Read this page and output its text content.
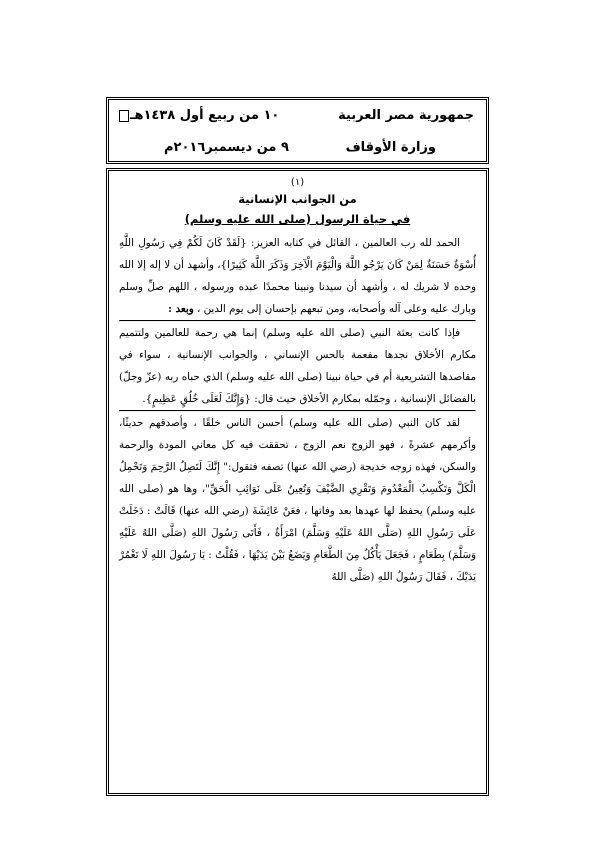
جمهورية مصر العربية
١٠ من ربيع أول ١٤٣٨هـ
وزارة الأوقاف
٩ من ديسمبر٢٠١٦م

(١)

من الجوانب الإنسانية

في حياة الرسول (صلى الله عليه وسلم)

الحمد لله رب العالمين ، القائل في كتابه العزيز: {لَقَدْ كَانَ لَكُمْ فِي رَسُولِ اللَّهِ أُسْوَةٌ حَسَنَةٌ لِمَنْ كَانَ يَرْجُو اللَّهَ وَالْيَوْمَ الْآخِرَ وَذَكَرَ اللَّهَ كَثِيرًا}، وأشهد أن لا إله إلا الله وحده لا شريك له ، وأشهد أن سيدنا ونبينا محمدًا عبده ورسوله ، اللهم صلِّ وسلم وبارك عليه وعلى آله وأصحابه، ومن تبعهم بإحسان إلى يوم الدين ، وبعد :

فإذا كانت بعثة النبي (صلى الله عليه وسلم) إنما هي رحمة للعالمين ولتتميم مكارم الأخلاق نجدها مفعمة بالحس الإنساني ، والجوانب الإنسانية ، سواء في مقاصدها التشريعية أم في حياة نبينا (صلى الله عليه وسلم) الذي حباه ربه (عزّ وجلّ) بالفضائل الإنسانية ، وجمّله بمكارم الأخلاق حيث قال: {وَإِنَّكَ لَعَلَى خُلُقٍ عَظِيمٍ}.

لقد كان النبي (صلى الله عليه وسلم) أحسن الناس خلقًا ، وأصدقهم حديثًا، وأكرمهم عشرةً ، فهو الزوج نعم الزوج ، تحققت فيه كل معاني المودة والرحمة والسكن، فهذه زوجه خديجة (رضي الله عنها) تصفه فتقول:" إِنَّكَ لَتَصِلُ الرَّحِمَ وَتَحْمِلُ الْكَلَّ وَتَكْسِبُ الْمَعْدُومَ وَتَقْرِي الضَّيْفَ وَتُعِينُ عَلَى نَوَائِبِ الْحَقِّ"، وها هو (صلى الله عليه وسلم) يحفظ لها عهدها بعد وفاتها ، فعَنْ عَائِشَةَ (رضي الله عنها) قَالَتْ : دَخَلَتْ عَلَى رَسُولِ اللهِ (صَلَّى اللهُ عَلَيْهِ وَسَلَّمَ) امْرَأَةٌ ، فَأَتَى رَسُولَ اللهِ (صَلَّى اللهُ عَلَيْهِ وَسَلَّمَ) بِطَعَامٍ ، فَجَعَلَ يَأْكُلُ مِنَ الطَّعَامِ وَيَضَعُ بَيْنَ يَدَيْهَا ، فَقُلْتُ : يَا رَسُولَ اللهِ لَا تَغْمُرْ يَدَيْكَ ، فَقَالَ رَسُولُ اللهِ (صَلَّى اللهُ
